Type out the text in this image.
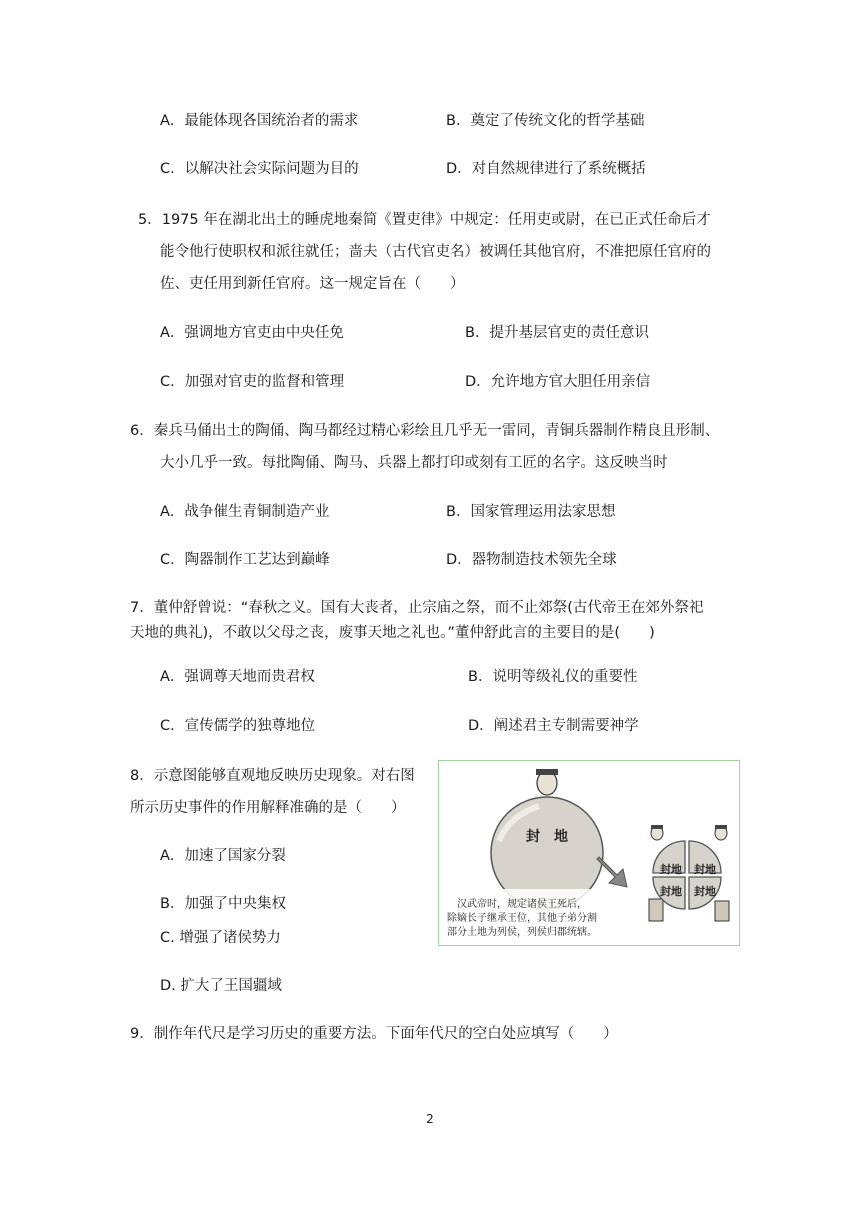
A．最能体现各国统治者的需求	B．奠定了传统文化的哲学基础
C．以解决社会实际问题为目的	D．对自然规律进行了系统概括
5．1975 年在湖北出土的睡虎地秦简《置吏律》中规定：任用吏或尉，在已正式任命后才
能令他行使职权和派往就任；啬夫（古代官吏名）被调任其他官府，不准把原任官府的
佐、吏任用到新任官府。这一规定旨在（　　）
A．强调地方官吏由中央任免	B．提升基层官吏的责任意识
C．加强对官吏的监督和管理	D．允许地方官大胆任用亲信
6．秦兵马俑出土的陶俑、陶马都经过精心彩绘且几乎无一雷同，青铜兵器制作精良且形制、
大小几乎一致。每批陶俑、陶马、兵器上都打印或刻有工匠的名字。这反映当时
A．战争催生青铜制造产业	B．国家管理运用法家思想
C．陶器制作工艺达到巅峰	D．器物制造技术领先全球
7．董仲舒曾说：“春秋之义。国有大丧者，止宗庙之祭，而不止郊祭(古代帝王在郊外祭祀
天地的典礼)，不敢以父母之丧，废事天地之礼也。”董仲舒此言的主要目的是(　　)
A．强调尊天地而贵君权	B．说明等级礼仪的重要性
C．宣传儒学的独尊地位	D．阐述君主专制需要神学
8．示意图能够直观地反映历史现象。对右图
所示历史事件的作用解释准确的是（　　）
A．加速了国家分裂
B．加强了中央集权
C. 增强了诸侯势力
D. 扩大了王国疆域
封　地
封地 封地
封地 封地
汉武帝时，规定诸侯王死后，
除嫡长子继承王位，其他子弟分割
部分土地为列侯，列侯归郡统辖。
9．制作年代尺是学习历史的重要方法。下面年代尺的空白处应填写（　　）
2
